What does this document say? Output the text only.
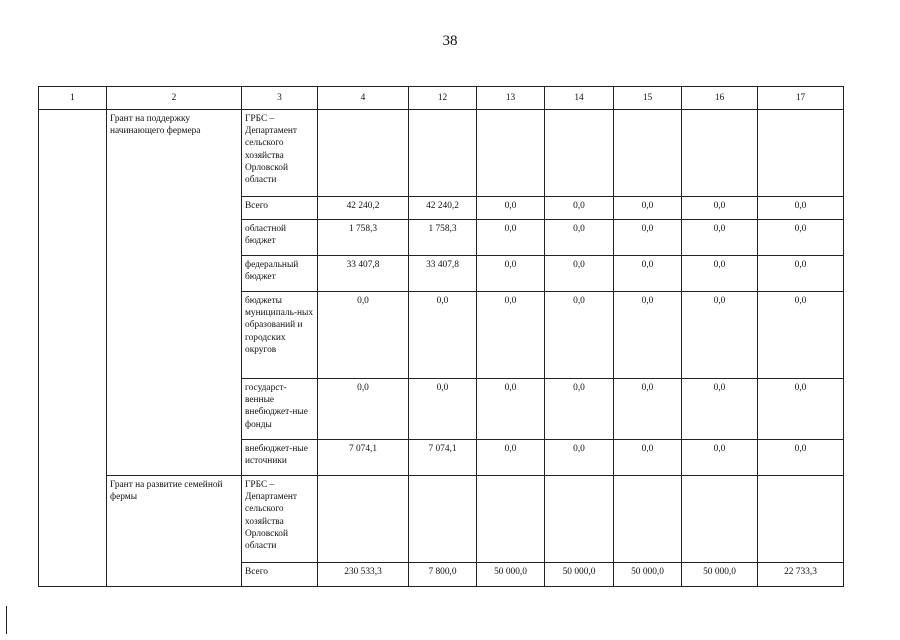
38
1	2	3	4	12	13	14	15	16	17
	Грант на поддержку начинающего фермера	ГРБС – Департамент сельского хозяйства Орловской области							
		Всего	42 240,2	42 240,2	0,0	0,0	0,0	0,0	0,0
		областной бюджет	1 758,3	1 758,3	0,0	0,0	0,0	0,0	0,0
		федеральный бюджет	33 407,8	33 407,8	0,0	0,0	0,0	0,0	0,0
		бюджеты муниципаль-ных образований и городских округов	0,0	0,0	0,0	0,0	0,0	0,0	0,0
		государст-венные внебюджет-ные фонды	0,0	0,0	0,0	0,0	0,0	0,0	0,0
		внебюджет-ные источники	7 074,1	7 074,1	0,0	0,0	0,0	0,0	0,0
	Грант на развитие семейной фермы	ГРБС – Департамент сельского хозяйства Орловской области							
		Всего	230 533,3	7 800,0	50 000,0	50 000,0	50 000,0	50 000,0	22 733,3
